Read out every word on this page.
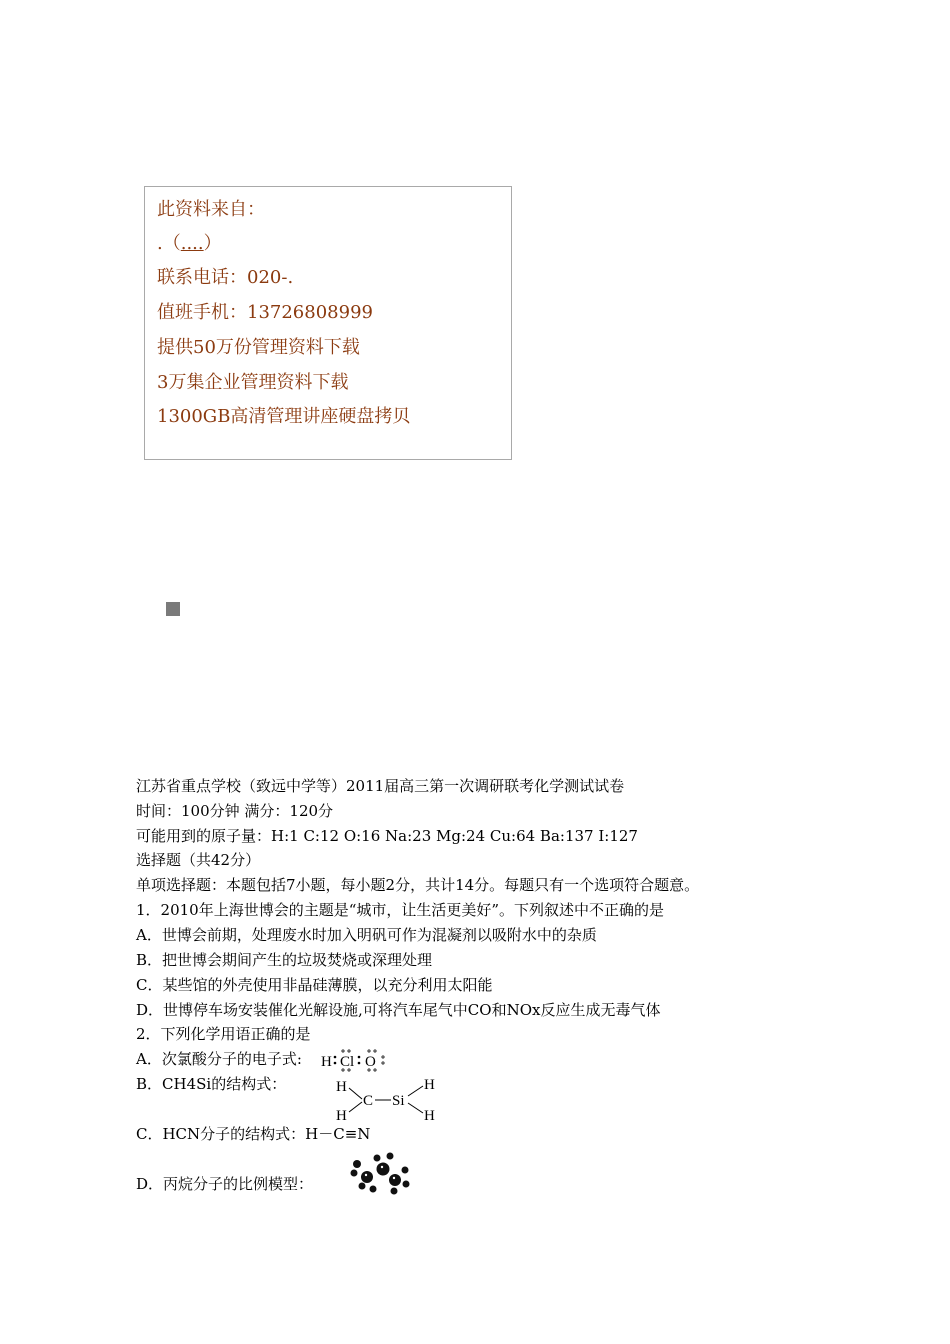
此资料来自：
.（....）
联系电话：020-.
值班手机：13726808999
提供50万份管理资料下载
3万集企业管理资料下载
1300GB高清管理讲座硬盘拷贝
江苏省重点学校（致远中学等）2011届高三第一次调研联考化学测试试卷
时间：100分钟 满分：120分
可能用到的原子量：H:1 C:12 O:16 Na:23 Mg:24 Cu:64 Ba:137 I:127
选择题（共42分）
单项选择题：本题包括7小题，每小题2分，共计14分。每题只有一个选项符合题意。
1．2010年上海世博会的主题是“城市，让生活更美好”。下列叙述中不正确的是
A．世博会前期，处理废水时加入明矾可作为混凝剂以吸附水中的杂质
B．把世博会期间产生的垃圾焚烧或深理处理
C．某些馆的外壳使用非晶硅薄膜，以充分利用太阳能
D．世博停车场安装催化光解设施,可将汽车尾气中CO和NOx反应生成无毒气体
2．下列化学用语正确的是
A．次氯酸分子的电子式:
B．CH4Si的结构式：
C．HCN分子的结构式：H－C≡N
D．丙烷分子的比例模型：
H Cl O
H
H
C Si
H
H
